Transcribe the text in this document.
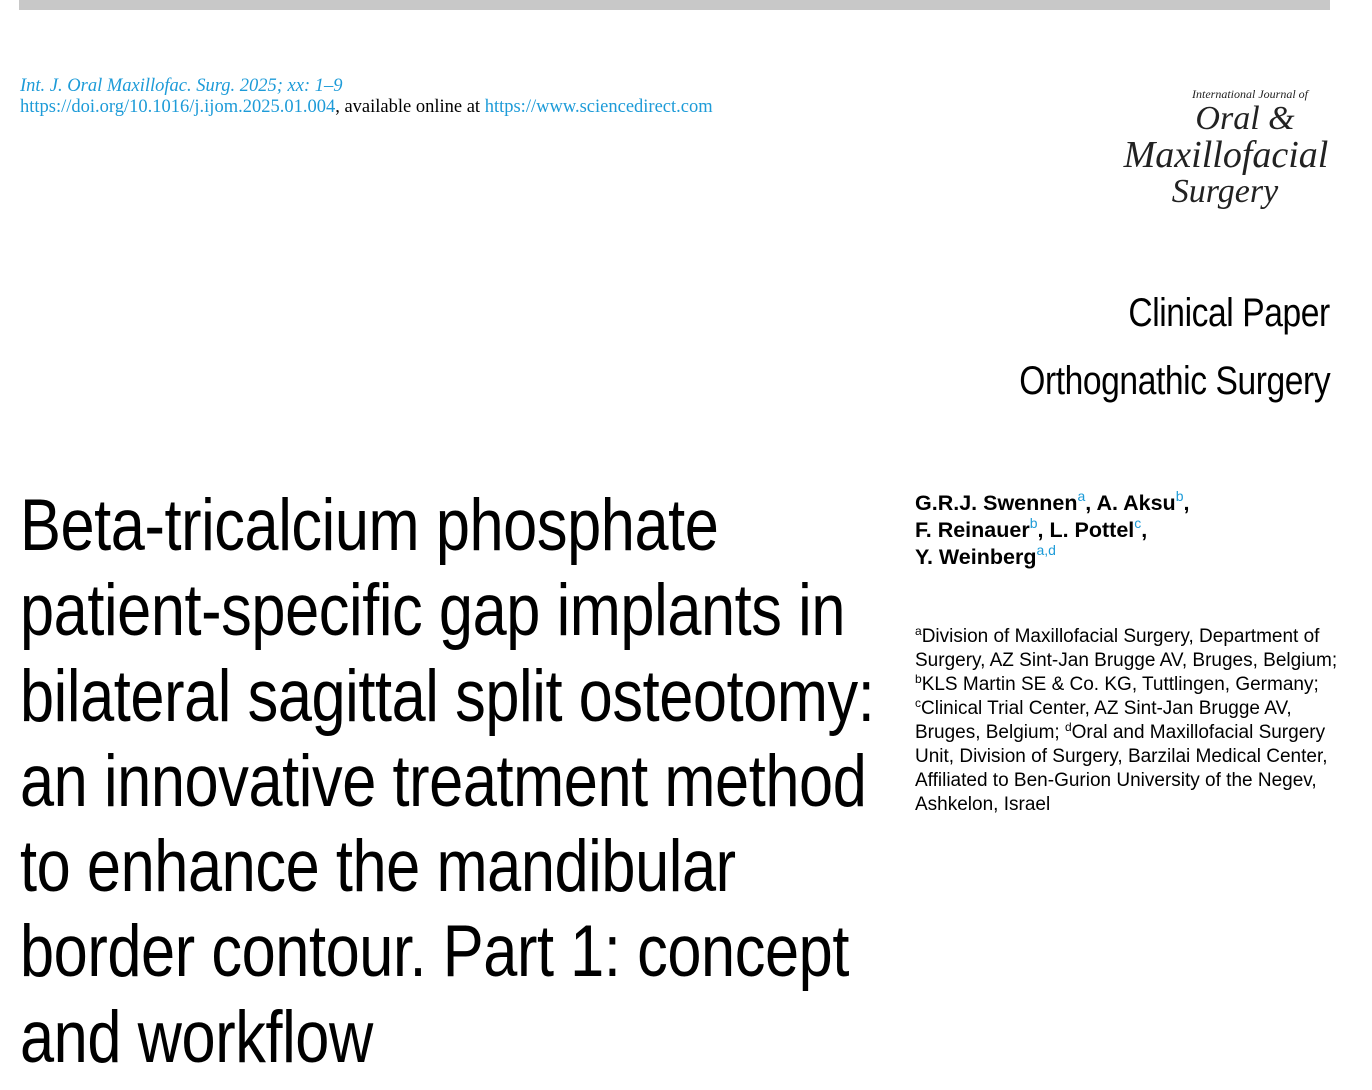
Int. J. Oral Maxillofac. Surg. 2025; xx: 1–9
https://doi.org/10.1016/j.ijom.2025.01.004, available online at https://www.sciencedirect.com
International Journal of
Oral &
Maxillofacial
Surgery
Clinical Paper
Orthognathic Surgery
Beta-tricalcium phosphate
patient-specific gap implants in
bilateral sagittal split osteotomy:
an innovative treatment method
to enhance the mandibular
border contour. Part 1: concept
and workflow
G.R.J. Swennen$^a$, A. Aksu$^b$,
F. Reinauer$^b$, L. Pottel$^c$,
Y. Weinberg$^{a,d}$
$^a$Division of Maxillofacial Surgery, Department of Surgery, AZ Sint-Jan Brugge AV, Bruges, Belgium; $^b$KLS Martin SE & Co. KG, Tuttlingen, Germany; $^c$Clinical Trial Center, AZ Sint-Jan Brugge AV, Bruges, Belgium; $^d$Oral and Maxillofacial Surgery Unit, Division of Surgery, Barzilai Medical Center, Affiliated to Ben-Gurion University of the Negev, Ashkelon, Israel
